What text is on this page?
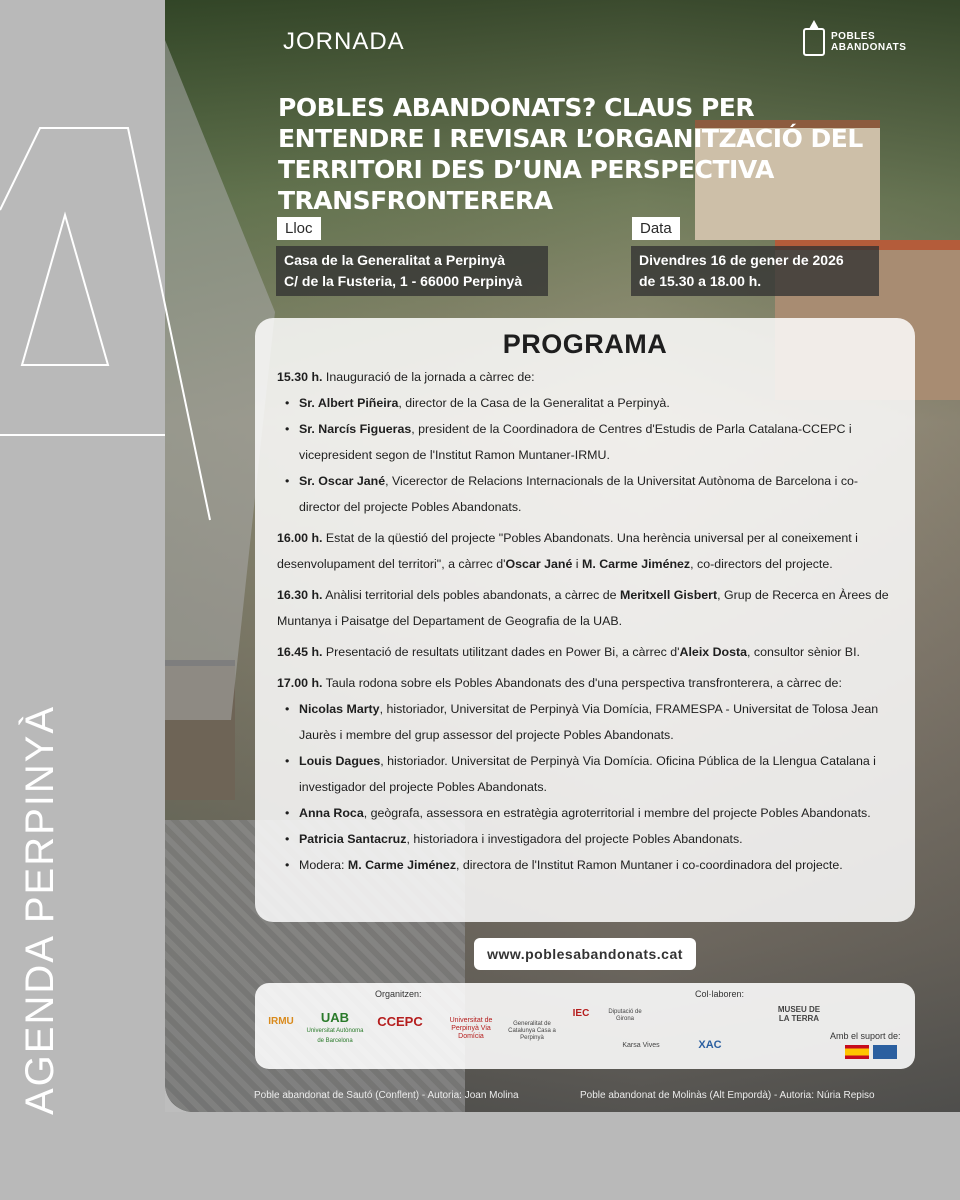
AGENDA PERPINYÀ
JORNADA	POBLES
ABANDONATS
POBLES ABANDONATS? CLAUS PER ENTENDRE I REVISAR L’ORGANITZACIÓ DEL TERRITORI DES D’UNA PERSPECTIVA TRANSFRONTERERA
Lloc
Casa de la Generalitat a Perpinyà
C/ de la Fusteria, 1 - 66000 Perpinyà
Data
Divendres 16 de gener de 2026
de 15.30 a 18.00 h.
PROGRAMA
15.30 h. Inauguració de la jornada a càrrec de:
• Sr. Albert Piñeira, director de la Casa de la Generalitat a Perpinyà.
• Sr. Narcís Figueras, president de la Coordinadora de Centres d'Estudis de Parla Catalana-CCEPC i vicepresident segon de l'Institut Ramon Muntaner-IRMU.
• Sr. Oscar Jané, Vicerector de Relacions Internacionals de la Universitat Autònoma de Barcelona i co-director del projecte Pobles Abandonats.
16.00 h. Estat de la qüestió del projecte "Pobles Abandonats. Una herència universal per al coneixement i desenvolupament del territori", a càrrec d'Oscar Jané i M. Carme Jiménez, co-directors del projecte.
16.30 h. Anàlisi territorial dels pobles abandonats, a càrrec de Meritxell Gisbert, Grup de Recerca en Àrees de Muntanya i Paisatge del Departament de Geografia de la UAB.
16.45 h. Presentació de resultats utilitzant dades en Power Bi, a càrrec d'Aleix Dosta, consultor sènior BI.
17.00 h. Taula rodona sobre els Pobles Abandonats des d'una perspectiva transfronterera, a càrrec de:
• Nicolas Marty, historiador, Universitat de Perpinyà Via Domícia, FRAMESPA - Universitat de Tolosa Jean Jaurès i membre del grup assessor del projecte Pobles Abandonats.
• Louis Dagues, historiador. Universitat de Perpinyà Via Domícia. Oficina Pública de la Llengua Catalana i investigador del projecte Pobles Abandonats.
• Anna Roca, geògrafa, assessora en estratègia agroterritorial i membre del projecte Pobles Abandonats.
• Patricia Santacruz, historiadora i investigadora del projecte Pobles Abandonats.
• Modera: M. Carme Jiménez, directora de l'Institut Ramon Muntaner i co-coordinadora del projecte.
www.poblesabandonats.cat
Organitzen:	Col·laboren:
Amb el suport de:
IRMU	UAB
Universitat Autònoma de Barcelona
CCEPC	Universitat de Perpinyà Via Domícia
Generalitat de Catalunya Casa a Perpinyà
IEC	Diputació de Girona
MUSEU DE LA TERRA
Karsa Vives	XAC
Poble abandonat de Sautó (Conflent) - Autoria: Joan Molina	Poble abandonat de Molinàs (Alt Empordà) - Autoria: Núria Repiso
